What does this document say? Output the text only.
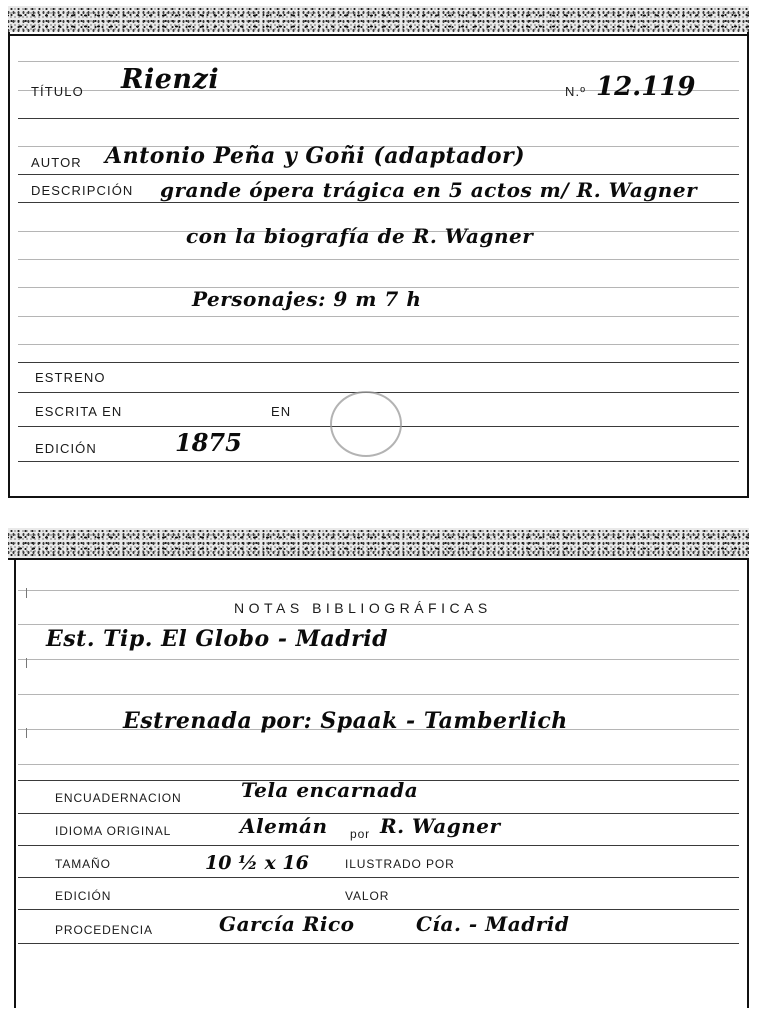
TÍTULO Rienzi	N.º 12.119
AUTOR Antonio Peña y Goñi (adaptador)
DESCRIPCIÓN grande ópera trágica en 5 actos m/ R. Wagner
con la biografía de R. Wagner
Personajes: 9 m 7 h
ESTRENO
ESCRITA EN	EN
EDICIÓN	1875
NOTAS BIBLIOGRÁFICAS
Est. Tip. El Globo - Madrid
Estrenada por: Spaak - Tamberlich
ENCUADERNACION	Tela encarnada
IDIOMA ORIGINAL	Alemán por R. Wagner
TAMAÑO	10 ½ x 16	ILUSTRADO POR
EDICIÓN	VALOR
PROCEDENCIA	García Rico	Cía. - Madrid
